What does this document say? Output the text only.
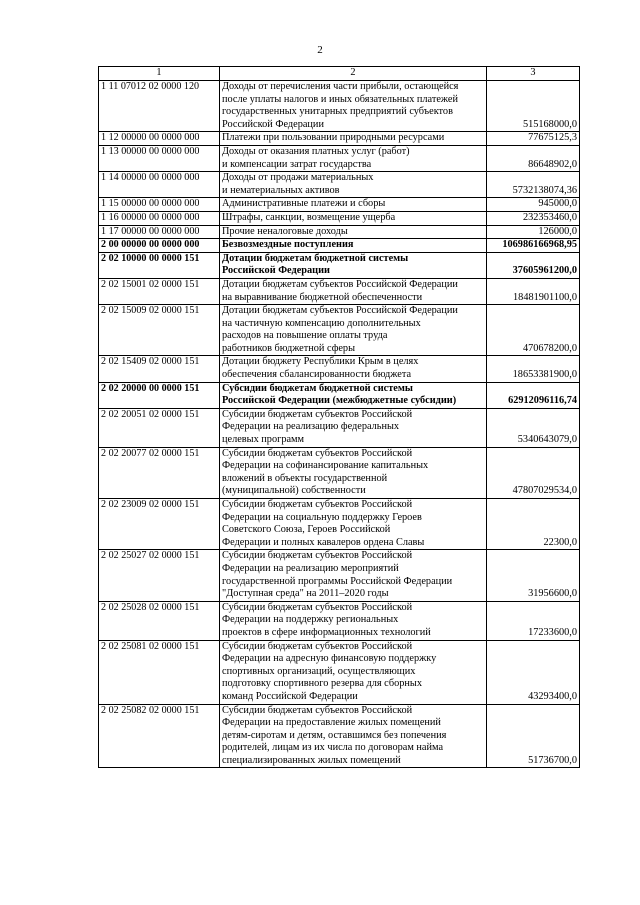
2
1	2	3
1 11 07012 02 0000 120	Доходы от перечисления части прибыли, остающейся
после уплаты налогов и иных обязательных платежей
государственных унитарных предприятий субъектов
Российской Федерации	515168000,0
1 12 00000 00 0000 000	Платежи при пользовании природными ресурсами	77675125,3
1 13 00000 00 0000 000	Доходы от оказания платных услуг (работ)
и компенсации затрат государства	86648902,0
1 14 00000 00 0000 000	Доходы от продажи материальных
и нематериальных активов	5732138074,36
1 15 00000 00 0000 000	Административные платежи и сборы	945000,0
1 16 00000 00 0000 000	Штрафы, санкции, возмещение ущерба	232353460,0
1 17 00000 00 0000 000	Прочие неналоговые доходы	126000,0
2 00 00000 00 0000 000	Безвозмездные поступления	106986166968,95
2 02 10000 00 0000 151	Дотации бюджетам бюджетной системы
Российской Федерации	37605961200,0
2 02 15001 02 0000 151	Дотации бюджетам субъектов Российской Федерации
на выравнивание бюджетной обеспеченности	18481901100,0
2 02 15009 02 0000 151	Дотации бюджетам субъектов Российской Федерации
на частичную компенсацию дополнительных
расходов на повышение оплаты труда
работников бюджетной сферы	470678200,0
2 02 15409 02 0000 151	Дотации бюджету Республики Крым в целях
обеспечения сбалансированности бюджета	18653381900,0
2 02 20000 00 0000 151	Субсидии бюджетам бюджетной системы
Российской Федерации (межбюджетные субсидии)	62912096116,74
2 02 20051 02 0000 151	Субсидии бюджетам субъектов Российской
Федерации на реализацию федеральных
целевых программ	5340643079,0
2 02 20077 02 0000 151	Субсидии бюджетам субъектов Российской
Федерации на софинансирование капитальных
вложений в объекты государственной
(муниципальной) собственности	47807029534,0
2 02 23009 02 0000 151	Субсидии бюджетам субъектов Российской
Федерации на социальную поддержку Героев
Советского Союза, Героев Российской
Федерации и полных кавалеров ордена Славы	22300,0
2 02 25027 02 0000 151	Субсидии бюджетам субъектов Российской
Федерации на реализацию мероприятий
государственной программы Российской Федерации
"Доступная среда" на 2011–2020 годы	31956600,0
2 02 25028 02 0000 151	Субсидии бюджетам субъектов Российской
Федерации на поддержку региональных
проектов в сфере информационных технологий	17233600,0
2 02 25081 02 0000 151	Субсидии бюджетам субъектов Российской
Федерации на адресную финансовую поддержку
спортивных организаций, осуществляющих
подготовку спортивного резерва для сборных
команд Российской Федерации	43293400,0
2 02 25082 02 0000 151	Субсидии бюджетам субъектов Российской
Федерации на предоставление жилых помещений
детям-сиротам и детям, оставшимся без попечения
родителей, лицам из их числа по договорам найма
специализированных жилых помещений	51736700,0
